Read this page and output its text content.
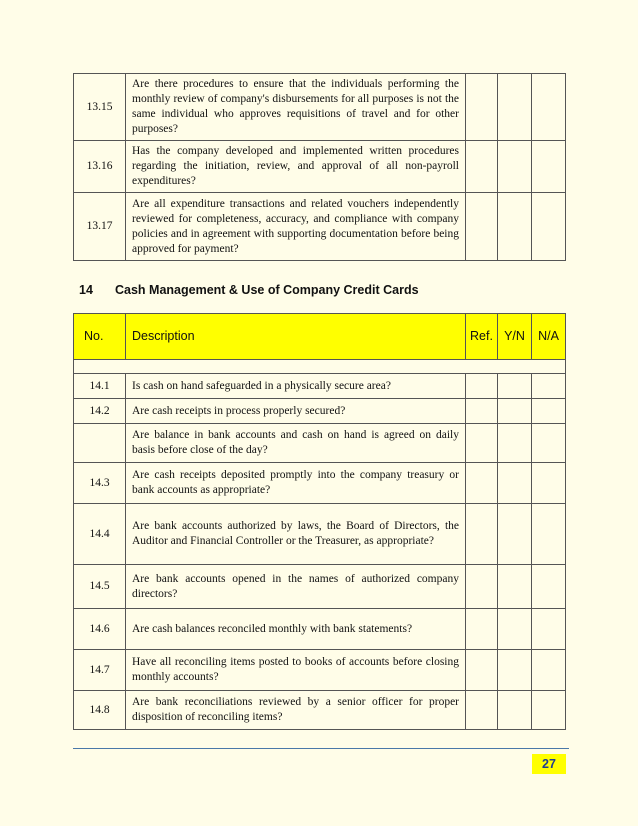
13.15	Are there procedures to ensure that the individuals performing the monthly review of company's disbursements for all purposes is not the same individual who approves requisitions of travel and for other purposes?			
13.16	Has the company developed and implemented written procedures regarding the initiation, review, and approval of all non-payroll expenditures?			
13.17	Are all expenditure transactions and related vouchers independently reviewed for completeness, accuracy, and compliance with company policies and in agreement with supporting documentation before being approved for payment?			
14 Cash Management & Use of Company Credit Cards
No.	Description	Ref.	Y/N	N/A

14.1	Is cash on hand safeguarded in a physically secure area?			
14.2	Are cash receipts in process properly secured?			
	Are balance in bank accounts and cash on hand is agreed on daily basis before close of the day?			
14.3	Are cash receipts deposited promptly into the company treasury or bank accounts as appropriate?			
14.4	Are bank accounts authorized by laws, the Board of Directors, the Auditor and Financial Controller or the Treasurer, as appropriate?			
14.5	Are bank accounts opened in the names of authorized company directors?			
14.6	Are cash balances reconciled monthly with bank statements?			
14.7	Have all reconciling items posted to books of accounts before closing monthly accounts?			
14.8	Are bank reconciliations reviewed by a senior officer for proper disposition of reconciling items?			
27
